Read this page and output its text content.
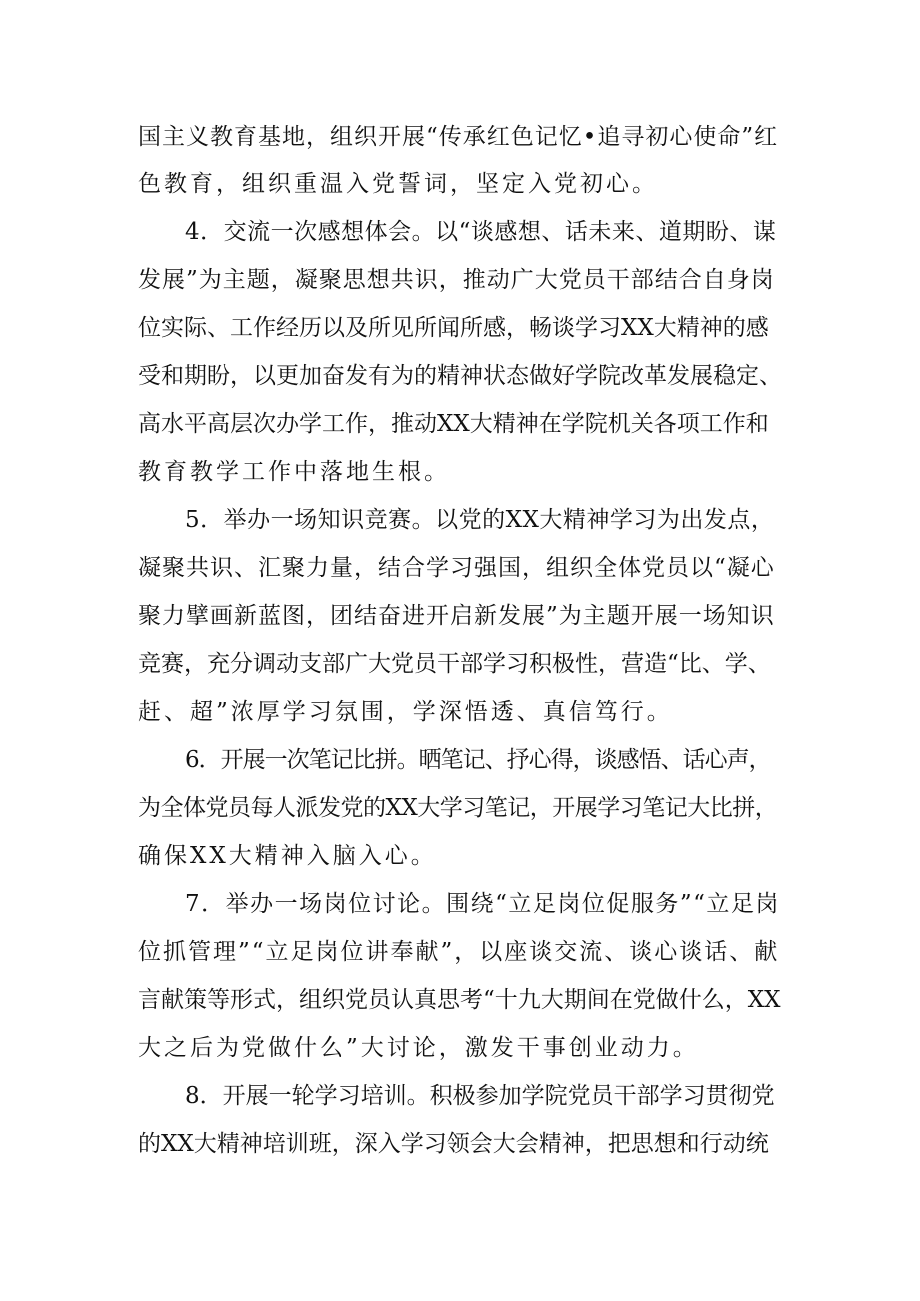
国主义教育基地，组织开展“传承红色记忆•追寻初心使命”红
色教育，组织重温入党誓词，坚定入党初心。
4．交流一次感想体会。以“谈感想、话未来、道期盼、谋
发展”为主题，凝聚思想共识，推动广大党员干部结合自身岗
位实际、工作经历以及所见所闻所感，畅谈学习XX大精神的感
受和期盼，以更加奋发有为的精神状态做好学院改革发展稳定、
高水平高层次办学工作，推动XX大精神在学院机关各项工作和
教育教学工作中落地生根。
5．举办一场知识竞赛。以党的XX大精神学习为出发点，
凝聚共识、汇聚力量，结合学习强国，组织全体党员以“凝心
聚力擘画新蓝图，团结奋进开启新发展”为主题开展一场知识
竞赛，充分调动支部广大党员干部学习积极性，营造“比、学、
赶、超”浓厚学习氛围，学深悟透、真信笃行。
6．开展一次笔记比拼。晒笔记、抒心得，谈感悟、话心声，
为全体党员每人派发党的XX大学习笔记，开展学习笔记大比拼，
确保XX大精神入脑入心。
7．举办一场岗位讨论。围绕“立足岗位促服务”“立足岗
位抓管理”“立足岗位讲奉献”，以座谈交流、谈心谈话、献
言献策等形式，组织党员认真思考“十九大期间在党做什么，XX
大之后为党做什么”大讨论，激发干事创业动力。
8．开展一轮学习培训。积极参加学院党员干部学习贯彻党
的XX大精神培训班，深入学习领会大会精神，把思想和行动统
